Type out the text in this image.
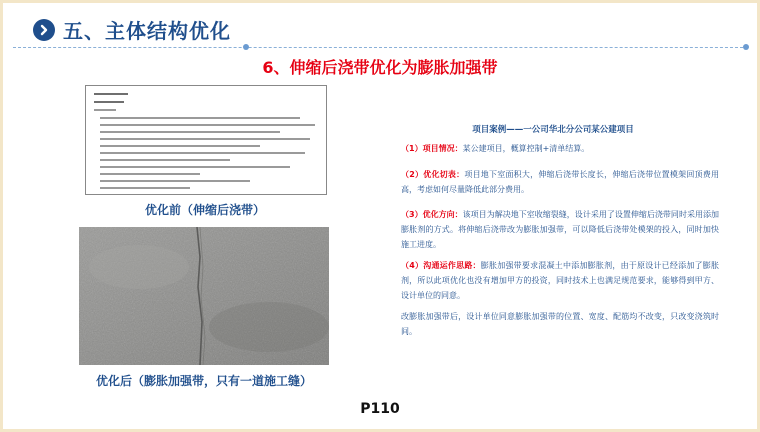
五、主体结构优化
6、伸缩后浇带优化为膨胀加强带
优化前（伸缩后浇带）
优化后（膨胀加强带，只有一道施工缝）
项目案例——一公司华北分公司某公建项目
（1）项目情况：某公建项目，概算控制+清单结算。
（2）优化切表：项目地下室面积大，伸缩后浇带长度长，伸缩后浇带位置模架回顶费用高，考虑如何尽量降低此部分费用。
（3）优化方向：该项目为解决地下室收缩裂缝，设计采用了设置伸缩后浇带同时采用添加膨胀剂的方式。将伸缩后浇带改为膨胀加强带，可以降低后浇带处模架的投入，同时加快施工进度。
（4）沟通运作思路：膨胀加强带要求混凝土中添加膨胀剂，由于原设计已经添加了膨胀剂，所以此项优化也没有增加甲方的投资，同时技术上也满足规范要求，能够得到甲方、设计单位的同意。
改膨胀加强带后，设计单位同意膨胀加强带的位置、宽度、配筋均不改变，只改变浇筑时间。
P110
